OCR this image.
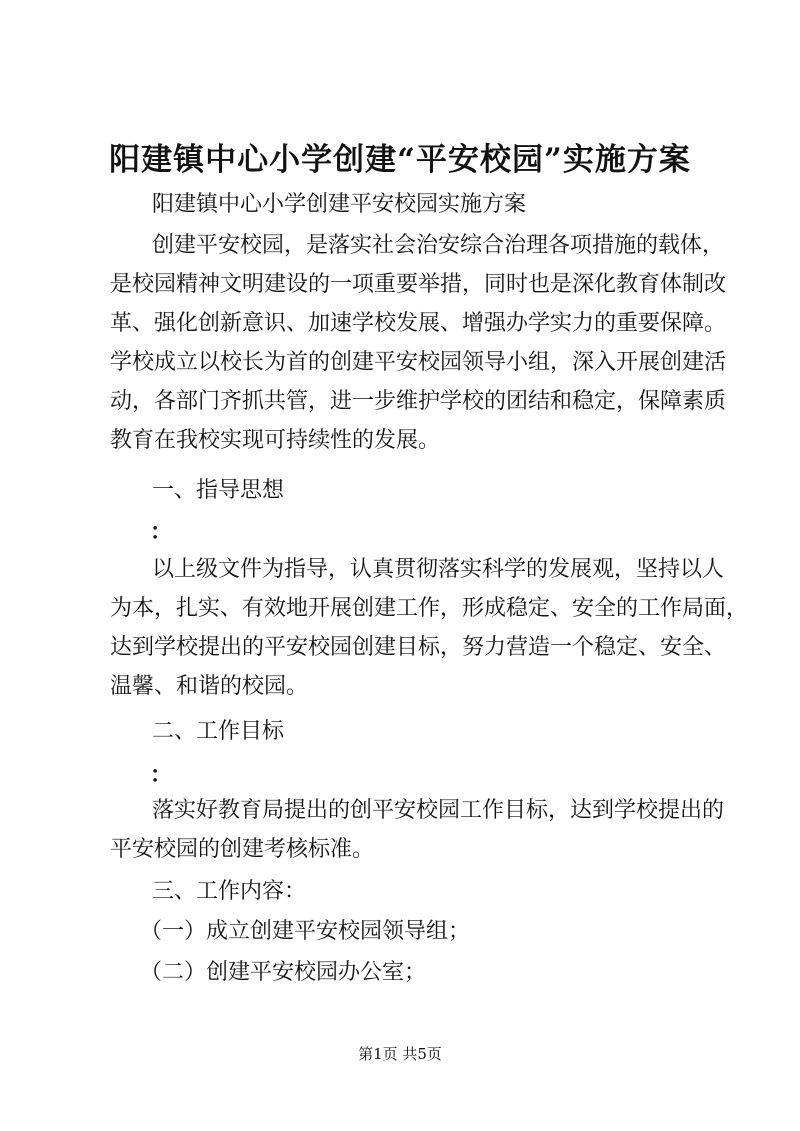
阳建镇中心小学创建“平安校园”实施方案
阳建镇中心小学创建平安校园实施方案
创建平安校园，是落实社会治安综合治理各项措施的载体，
是校园精神文明建设的一项重要举措，同时也是深化教育体制改
革、强化创新意识、加速学校发展、增强办学实力的重要保障。
学校成立以校长为首的创建平安校园领导小组，深入开展创建活
动，各部门齐抓共管，进一步维护学校的团结和稳定，保障素质
教育在我校实现可持续性的发展。
一、指导思想
：
以上级文件为指导，认真贯彻落实科学的发展观，坚持以人
为本，扎实、有效地开展创建工作，形成稳定、安全的工作局面，
达到学校提出的平安校园创建目标，努力营造一个稳定、安全、
温馨、和谐的校园。
二、工作目标
：
落实好教育局提出的创平安校园工作目标，达到学校提出的
平安校园的创建考核标准。
三、工作内容：
（一）成立创建平安校园领导组；
（二）创建平安校园办公室；
第1页 共5页
